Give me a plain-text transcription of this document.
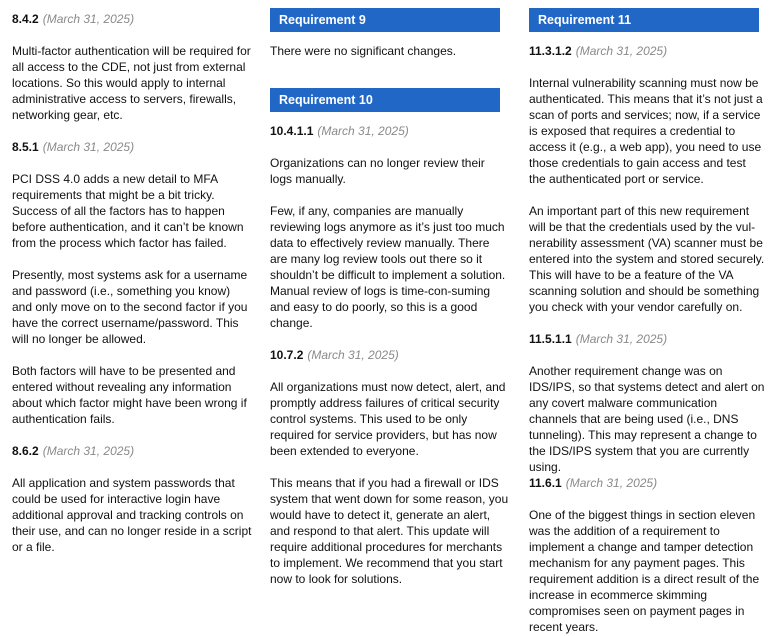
8.4.2 (March 31, 2025)

Multi-factor authentication will be required for all access to the CDE, not just from external locations. So this would apply to internal administrative access to servers, firewalls, networking gear, etc.

8.5.1 (March 31, 2025)

PCI DSS 4.0 adds a new detail to MFA requirements that might be a bit tricky. Success of all the factors has to happen before authentication, and it can’t be known from the process which factor has failed.

Presently, most systems ask for a username and password (i.e., something you know) and only move on to the second factor if you have the correct username/password. This will no longer be allowed.

Both factors will have to be presented and entered without revealing any information about which factor might have been wrong if authentication fails.

8.6.2 (March 31, 2025)

All application and system passwords that could be used for interactive login have additional approval and tracking controls on their use, and can no longer reside in a script or a file.

Requirement 9

There were no significant changes.

Requirement 10
10.4.1.1 (March 31, 2025)

Organizations can no longer review their logs manually.

Few, if any, companies are manually reviewing logs anymore as it’s just too much data to effectively review manually. There are many log review tools out there so it shouldn’t be difficult to implement a solution. Manual review of logs is time-con-suming and easy to do poorly, so this is a good change.

10.7.2 (March 31, 2025)

All organizations must now detect, alert, and promptly address failures of critical security control systems. This used to be only required for service providers, but has now been extended to everyone.

This means that if you had a firewall or IDS system that went down for some reason, you would have to detect it, generate an alert, and respond to that alert. This update will require additional procedures for merchants to implement. We recommend that you start now to look for solutions.

Requirement 11
11.3.1.2 (March 31, 2025)

Internal vulnerability scanning must now be authenticated. This means that it’s not just a scan of ports and services; now, if a service is exposed that requires a credential to access it (e.g., a web app), you need to use those credentials to gain access and test the authenticated port or service.

An important part of this new requirement will be that the credentials used by the vul-nerability assessment (VA) scanner must be entered into the system and stored securely. This will have to be a feature of the VA scanning solution and should be something you check with your vendor carefully on.

11.5.1.1 (March 31, 2025)

Another requirement change was on IDS/IPS, so that systems detect and alert on any covert malware communication channels that are being used (i.e., DNS tunneling). This may represent a change to the IDS/IPS system that you are currently using.

11.6.1 (March 31, 2025)

One of the biggest things in section eleven was the addition of a requirement to implement a change and tamper detection mechanism for any payment pages. This requirement addition is a direct result of the increase in ecommerce skimming compromises seen on payment pages in recent years.
